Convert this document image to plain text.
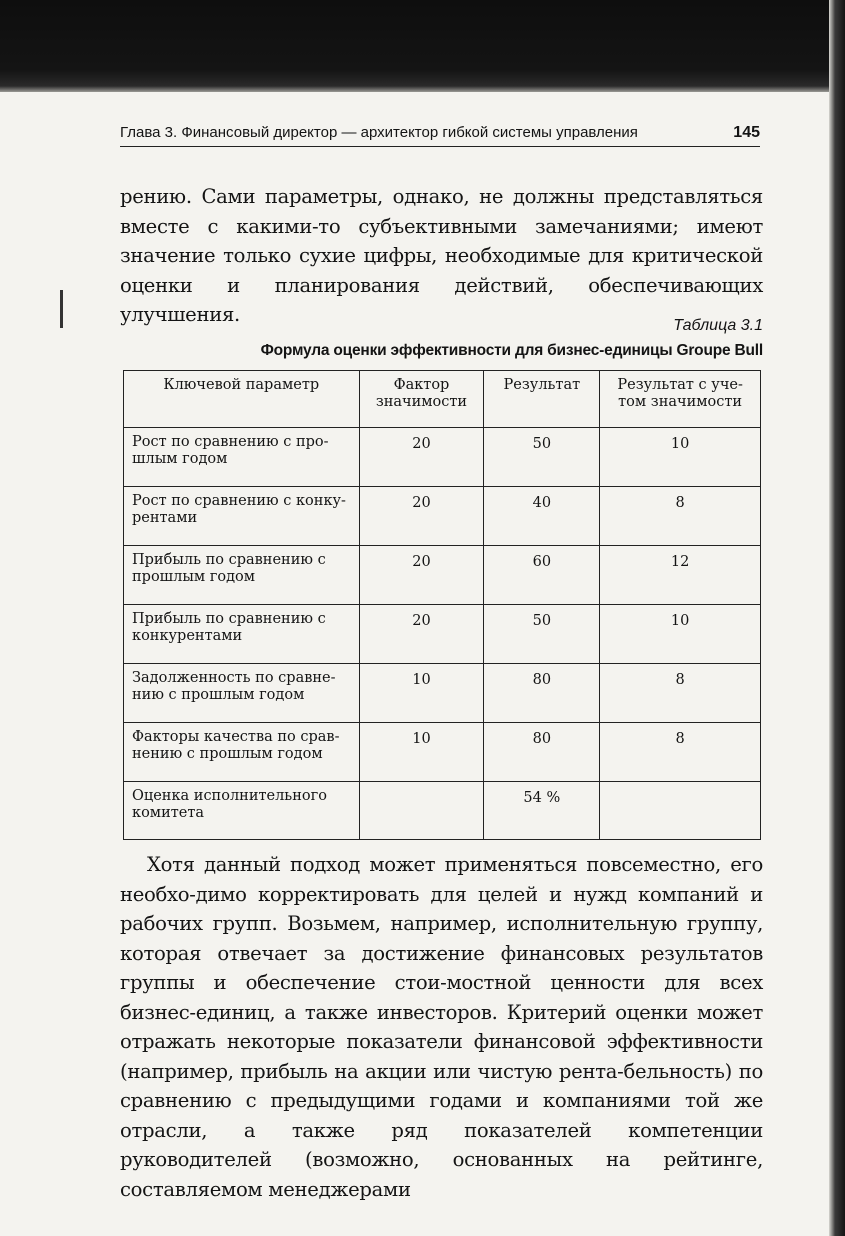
Глава 3. Финансовый директор — архитектор гибкой системы управления	145

рению. Сами параметры, однако, не должны представляться вместе с какими-то субъективными замечаниями; имеют значение только сухие цифры, необходимые для критической оценки и планирования действий, обеспечивающих улучшения.	Таблица 3.1
Формула оценки эффективности для бизнес-единицы Groupe Bull
Ключевой параметр	Фактор значимости	Результат	Результат с уче-том значимости
Рост по сравнению с про-шлым годом	20	50	10
Рост по сравнению с конку-рентами	20	40	8
Прибыль по сравнению с прошлым годом	20	60	12
Прибыль по сравнению с конкурентами	20	50	10
Задолженность по сравне-нию с прошлым годом	10	80	8
Факторы качества по срав-нению с прошлым годом	10	80	8
Оценка исполнительного комитета		54 %	

Хотя данный подход может применяться повсеместно, его необхо-димо корректировать для целей и нужд компаний и рабочих групп. Возьмем, например, исполнительную группу, которая отвечает за достижение финансовых результатов группы и обеспечение стои-мостной ценности для всех бизнес-единиц, а также инвесторов. Критерий оценки может отражать некоторые показатели финансовой эффективности (например, прибыль на акции или чистую рента-бельность) по сравнению с предыдущими годами и компаниями той же отрасли, а также ряд показателей компетенции руководителей (возможно, основанных на рейтинге, составляемом менеджерами
